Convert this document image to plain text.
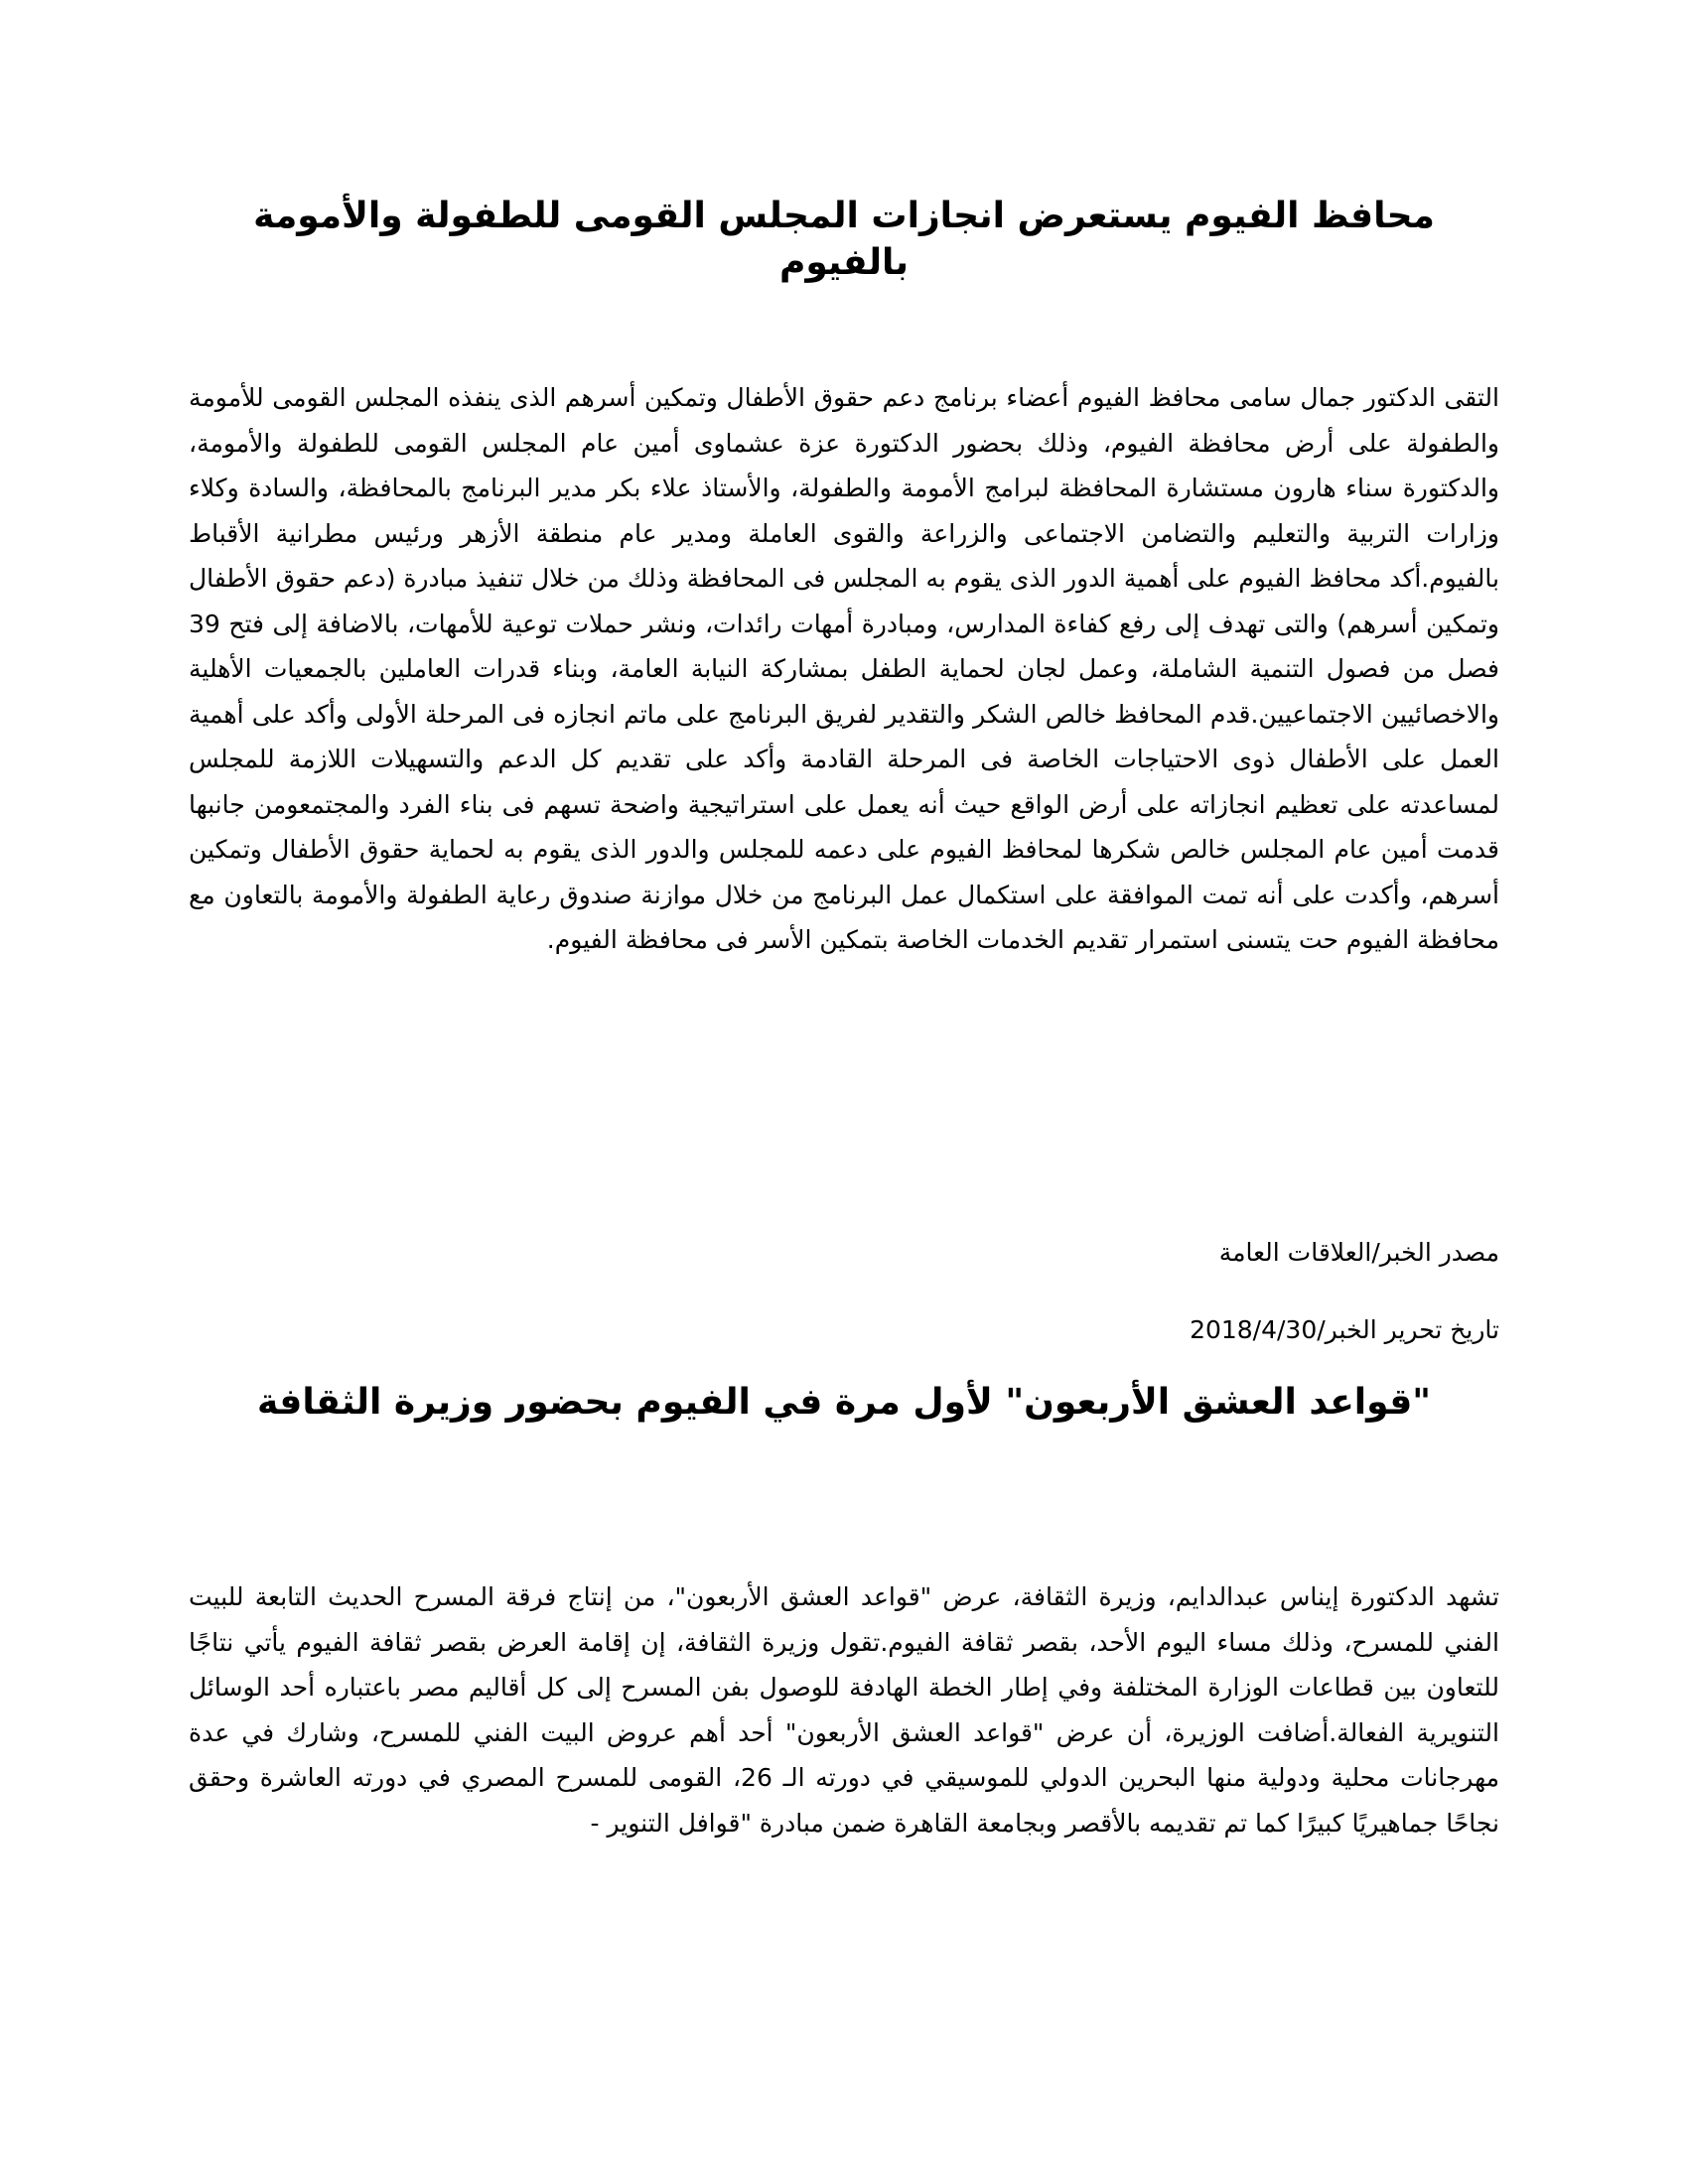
محافظ الفيوم يستعرض انجازات المجلس القومى للطفولة والأمومة بالفيوم

التقى الدكتور جمال سامى محافظ الفيوم أعضاء برنامج دعم حقوق الأطفال وتمكين أسرهم الذى ينفذه المجلس القومى للأمومة والطفولة على أرض محافظة الفيوم، وذلك بحضور الدكتورة عزة عشماوى أمين عام المجلس القومى للطفولة والأمومة، والدكتورة سناء هارون مستشارة المحافظة لبرامج الأمومة والطفولة، والأستاذ علاء بكر مدير البرنامج بالمحافظة، والسادة وكلاء وزارات التربية والتعليم والتضامن الاجتماعى والزراعة والقوى العاملة ومدير عام منطقة الأزهر ورئيس مطرانية الأقباط بالفيوم.أكد محافظ الفيوم على أهمية الدور الذى يقوم به المجلس فى المحافظة وذلك من خلال تنفيذ مبادرة (دعم حقوق الأطفال وتمكين أسرهم) والتى تهدف إلى رفع كفاءة المدارس، ومبادرة أمهات رائدات، ونشر حملات توعية للأمهات، بالاضافة إلى فتح 39 فصل من فصول التنمية الشاملة، وعمل لجان لحماية الطفل بمشاركة النيابة العامة، وبناء قدرات العاملين بالجمعيات الأهلية والاخصائيين الاجتماعيين.قدم المحافظ خالص الشكر والتقدير لفريق البرنامج على ماتم انجازه فى المرحلة الأولى وأكد على أهمية العمل على الأطفال ذوى الاحتياجات الخاصة فى المرحلة القادمة وأكد على تقديم كل الدعم والتسهيلات اللازمة للمجلس لمساعدته على تعظيم انجازاته على أرض الواقع حيث أنه يعمل على استراتيجية واضحة تسهم فى بناء الفرد والمجتمعومن جانبها قدمت أمين عام المجلس خالص شكرها لمحافظ الفيوم على دعمه للمجلس والدور الذى يقوم به لحماية حقوق الأطفال وتمكين أسرهم، وأكدت على أنه تمت الموافقة على استكمال عمل البرنامج من خلال موازنة صندوق رعاية الطفولة والأمومة بالتعاون مع محافظة الفيوم حت يتسنى استمرار تقديم الخدمات الخاصة بتمكين الأسر فى محافظة الفيوم.

مصدر الخبر/العلاقات العامة

تاريخ تحرير الخبر/2018/4/30

"قواعد العشق الأربعون" لأول مرة في الفيوم بحضور وزيرة الثقافة

تشهد الدكتورة إيناس عبدالدايم، وزيرة الثقافة، عرض "قواعد العشق الأربعون"، من إنتاج فرقة المسرح الحديث التابعة للبيت الفني للمسرح، وذلك مساء اليوم الأحد، بقصر ثقافة الفيوم.تقول وزيرة الثقافة، إن إقامة العرض بقصر ثقافة الفيوم يأتي نتاجًا للتعاون بين قطاعات الوزارة المختلفة وفي إطار الخطة الهادفة للوصول بفن المسرح إلى كل أقاليم مصر باعتباره أحد الوسائل التنويرية الفعالة.أضافت الوزيرة، أن عرض "قواعد العشق الأربعون" أحد أهم عروض البيت الفني للمسرح، وشارك في عدة مهرجانات محلية ودولية منها البحرين الدولي للموسيقي في دورته الـ 26، القومى للمسرح المصري في دورته العاشرة وحقق نجاحًا جماهيريًا كبيرًا كما تم تقديمه بالأقصر وبجامعة القاهرة ضمن مبادرة "قوافل التنوير -
